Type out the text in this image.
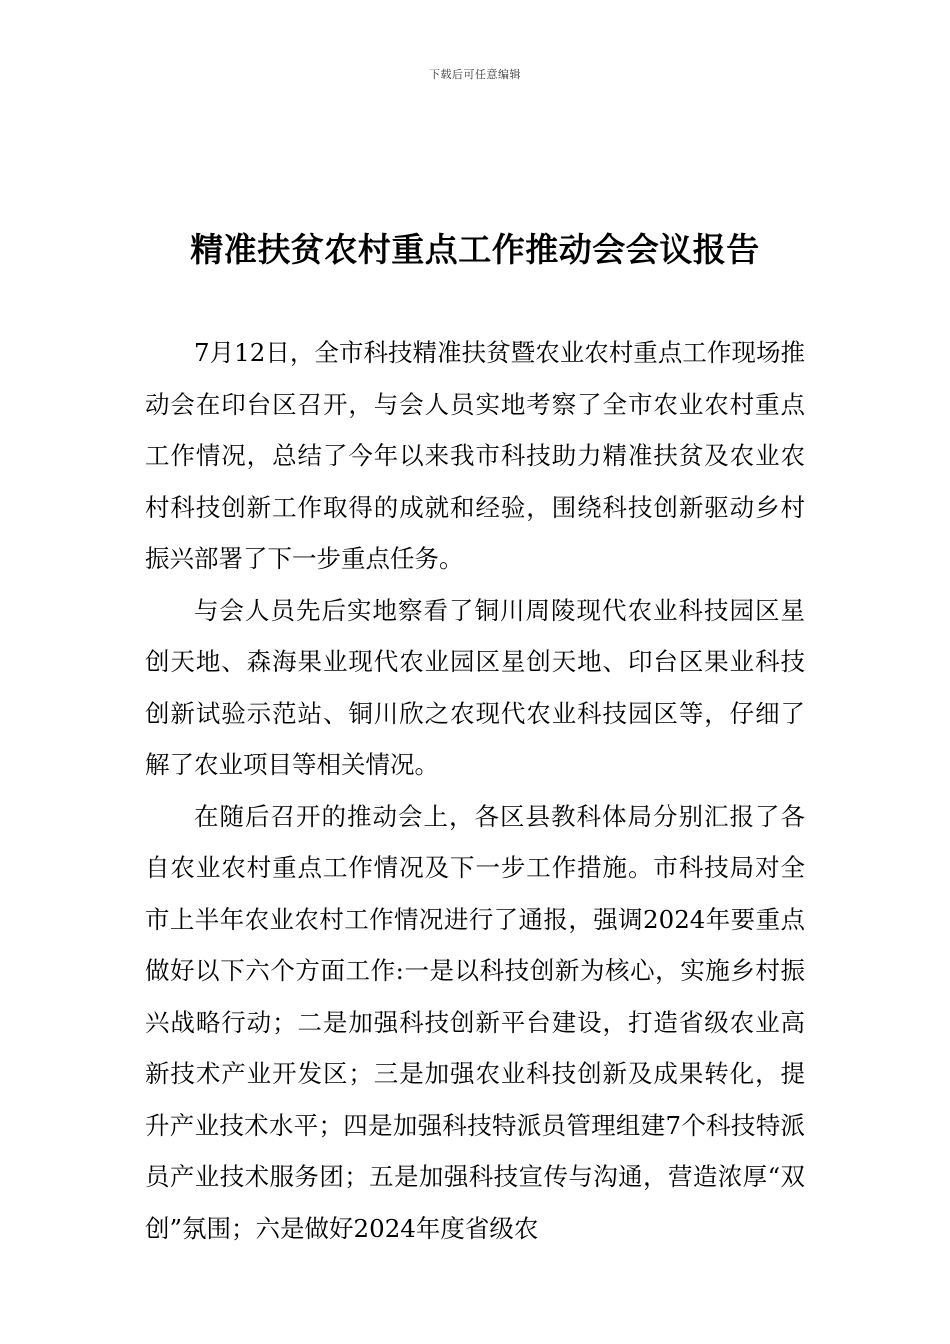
下载后可任意编辑
精准扶贫农村重点工作推动会会议报告

7月12日，全市科技精准扶贫暨农业农村重点工作现场推动会在印台区召开，与会人员实地考察了全市农业农村重点工作情况，总结了今年以来我市科技助力精准扶贫及农业农村科技创新工作取得的成就和经验，围绕科技创新驱动乡村振兴部署了下一步重点任务。

与会人员先后实地察看了铜川周陵现代农业科技园区星创天地、森海果业现代农业园区星创天地、印台区果业科技创新试验示范站、铜川欣之农现代农业科技园区等，仔细了解了农业项目等相关情况。

在随后召开的推动会上，各区县教科体局分别汇报了各自农业农村重点工作情况及下一步工作措施。市科技局对全市上半年农业农村工作情况进行了通报，强调2024年要重点做好以下六个方面工作:一是以科技创新为核心，实施乡村振兴战略行动；二是加强科技创新平台建设，打造省级农业高新技术产业开发区；三是加强农业科技创新及成果转化，提升产业技术水平；四是加强科技特派员管理组建7个科技特派员产业技术服务团；五是加强科技宣传与沟通，营造浓厚“双创”氛围；六是做好2024年度省级农
